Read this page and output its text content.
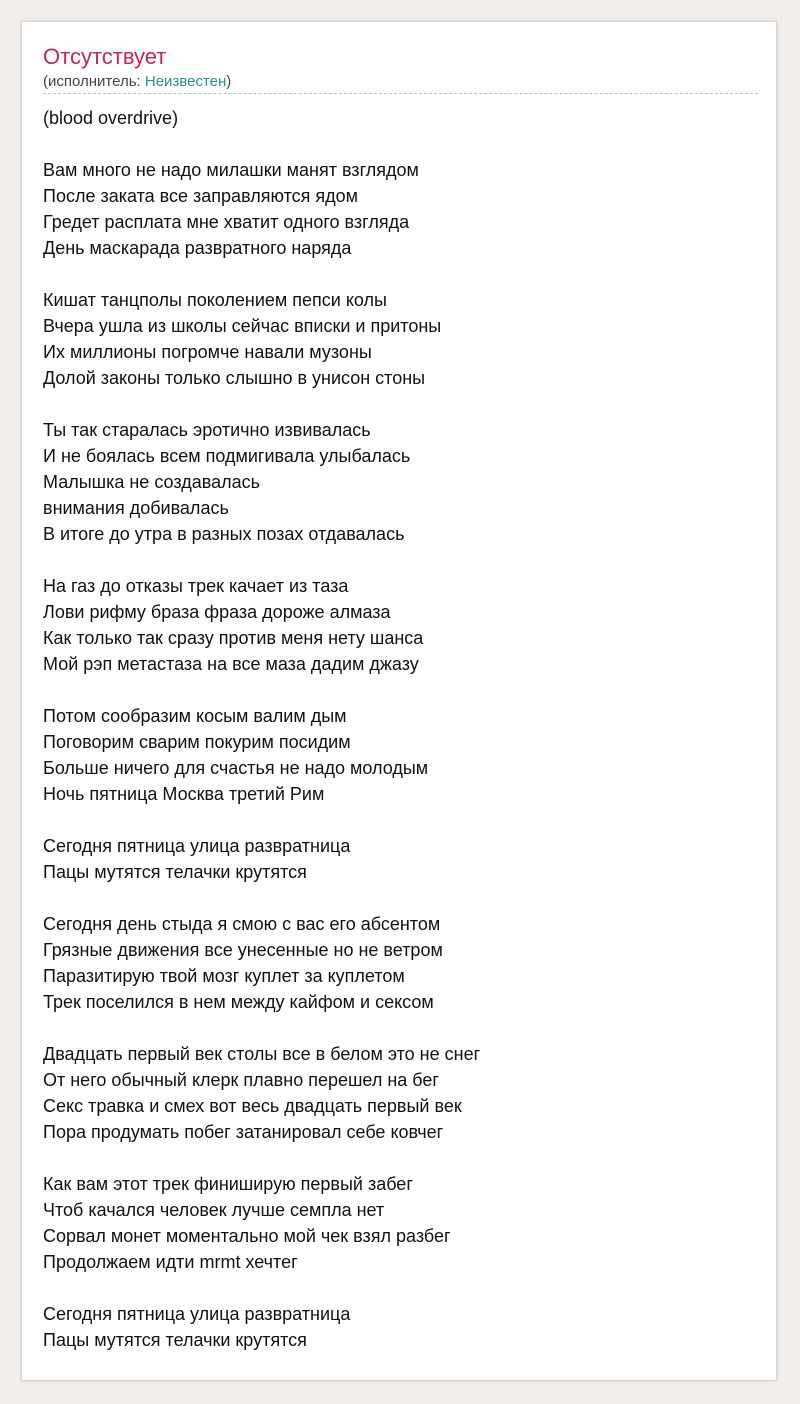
Отсутствует
(исполнитель: Неизвестен)
(blood overdrive)
Вам много не надо милашки манят взглядом
После заката все заправляются ядом
Гредет расплата мне хватит одного взгляда
День маскарада развратного наряда
Кишат танцполы поколением пепси колы
Вчера ушла из школы сейчас вписки и притоны
Их миллионы погромче навали музоны
Долой законы только слышно в унисон стоны
Ты так старалась эротично извивалась
И не боялась всем подмигивала улыбалась
Малышка не создавалась
внимания добивалась
В итоге до утра в разных позах отдавалась
На газ до отказы трек качает из таза
Лови рифму браза фраза дороже алмаза
Как только так сразу против меня нету шанса
Мой рэп метастаза на все маза дадим джазу
Потом сообразим косым валим дым
Поговорим сварим покурим посидим
Больше ничего для счастья не надо молодым
Ночь пятница Москва третий Рим
Сегодня пятница улица развратница
Пацы мутятся телачки крутятся
Сегодня день стыда я смою с вас его абсентом
Грязные движения все унесенные но не ветром
Паразитирую твой мозг куплет за куплетом
Трек поселился в нем между кайфом и сексом
Двадцать первый век столы все в белом это не снег
От него обычный клерк плавно перешел на бег
Секс травка и смех вот весь двадцать первый век
Пора продумать побег затанировал себе ковчег
Как вам этот трек финиширую первый забег
Чтоб качался человек лучше семпла нет
Сорвал монет моментально мой чек взял разбег
Продолжаем идти mrmt хечтег
Сегодня пятница улица развратница
Пацы мутятся телачки крутятся
